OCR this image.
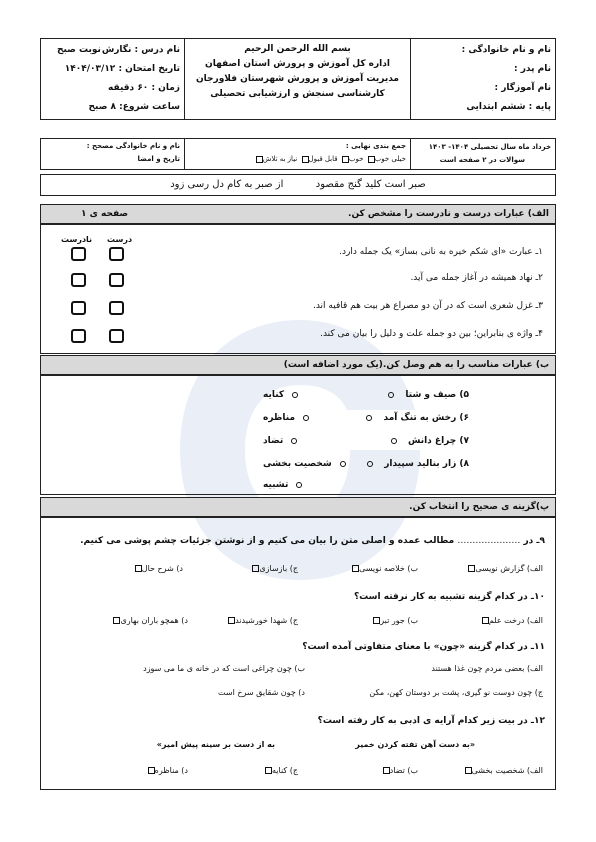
نام و نام خانوادگی :
نام پدر :
نام آموزگار :
پایه : ششم ابتدایی
بسم الله الرحمن الرحیم
اداره کل آموزش و پرورش استان اصفهان
مدیریت آموزش و پرورش شهرستان فلاورجان
کارشناسی سنجش و ارزشیابی تحصیلی
نام درس : نگارش
نوبت صبح
تاریخ امتحان : ۱۴۰۴/۰۳/۱۲
زمان : ۶۰ دقیقه
ساعت شروع: ۸ صبح
خرداد ماه سال تحصیلی ۱۴۰۴- ۱۴۰۳
سوالات در ۲ صفحه است
جمع بندی نهایی :
خیلی خوب خوب قابل قبول نیاز به تلاش
نام و نام خانوادگی مصحح :
تاریخ و امضا
صبر است کلید گنج مقصود  از صبر به کام دل رسی زود
الف) عبارات درست و نادرست را مشخص کن.
صفحه ی ۱
درست
نادرست
۱ـ عبارت «ای شکم خیره به نانی بساز» یک جمله دارد.
۲ـ نهاد همیشه در آغاز جمله می آید.
۳ـ غزل شعری است که در آن دو مصراع هر بیت هم قافیه اند.
۴ـ واژه ی بنابراین؛ بین دو جمله علت و دلیل را بیان می کند.
ب) عبارات مناسب را به هم وصل کن.(یک مورد اضافه است)
۵) صیف و شتا
۶) رخش به تنگ آمد
۷) چراغ دانش
۸) زار بنالید سپیدار
کنایه
مناظره
تضاد
شخصیت بخشی
تشبیه
پ)گزینه ی صحیح را انتخاب کن.
۹ـ در ………………… مطالب عمده و اصلی متن را بیان می کنیم و از نوشتن جزئیات چشم پوشی می کنیم.
الف) گزارش نویسی
ب) خلاصه نویسی
ج) بازسازی
د) شرح حال
۱۰ـ در کدام گزینه تشبیه به کار نرفته است؟
الف) درخت علم
ب) جور تبر
ج) شهدا خورشیدند
د) همچو باران بهاری
۱۱ـ در کدام گزینه «چون» با معنای متفاوتی آمده است؟
الف) بعضی مردم چون غذا هستند
ب) چون چراغی است که در خانه ی ما می سوزد
ج) چون دوست نو گیری، پشت بر دوستان کهن، مکن
د) چون شقایق سرخ است
۱۲ـ در بیت زیر کدام آرایه ی ادبی به کار رفته است؟
«به دست آهن تفته کردن خمیر
به از دست بر سینه پیش امیر»
الف) شخصیت بخشی
ب) تضاد
ج) کنایه
د) مناظره
